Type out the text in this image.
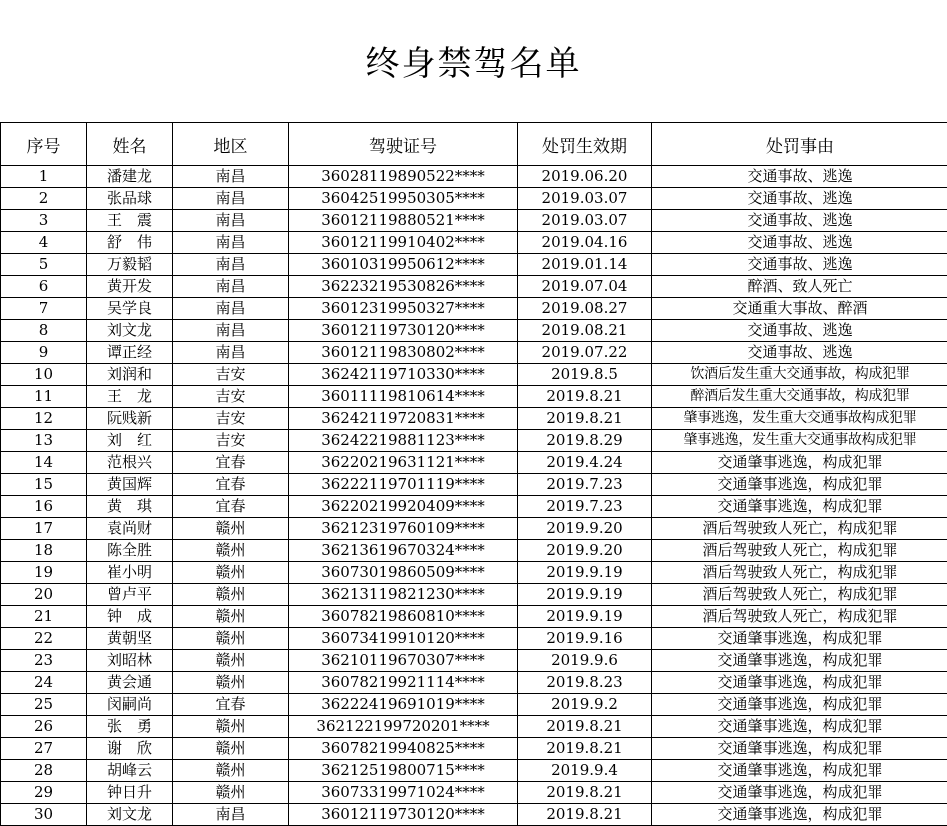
终身禁驾名单
序号	姓名	地区	驾驶证号	处罚生效期	处罚事由
1	潘建龙	南昌	36028119890522****	2019.06.20	交通事故、逃逸
2	张品球	南昌	36042519950305****	2019.03.07	交通事故、逃逸
3	王　震	南昌	36012119880521****	2019.03.07	交通事故、逃逸
4	舒　伟	南昌	36012119910402****	2019.04.16	交通事故、逃逸
5	万毅韬	南昌	36010319950612****	2019.01.14	交通事故、逃逸
6	黄开发	南昌	36223219530826****	2019.07.04	醉酒、致人死亡
7	吴学良	南昌	36012319950327****	2019.08.27	交通重大事故、醉酒
8	刘文龙	南昌	36012119730120****	2019.08.21	交通事故、逃逸
9	谭正经	南昌	36012119830802****	2019.07.22	交通事故、逃逸
10	刘润和	吉安	36242119710330****	2019.8.5	饮酒后发生重大交通事故，构成犯罪
11	王　龙	吉安	36011119810614****	2019.8.21	醉酒后发生重大交通事故，构成犯罪
12	阮贱新	吉安	36242119720831****	2019.8.21	肇事逃逸，发生重大交通事故构成犯罪
13	刘　红	吉安	36242219881123****	2019.8.29	肇事逃逸，发生重大交通事故构成犯罪
14	范根兴	宜春	36220219631121****	2019.4.24	交通肇事逃逸，构成犯罪
15	黄国辉	宜春	36222119701119****	2019.7.23	交通肇事逃逸，构成犯罪
16	黄　琪	宜春	36220219920409****	2019.7.23	交通肇事逃逸，构成犯罪
17	袁尚财	赣州	36212319760109****	2019.9.20	酒后驾驶致人死亡，构成犯罪
18	陈全胜	赣州	36213619670324****	2019.9.20	酒后驾驶致人死亡，构成犯罪
19	崔小明	赣州	36073019860509****	2019.9.19	酒后驾驶致人死亡，构成犯罪
20	曾卢平	赣州	36213119821230****	2019.9.19	酒后驾驶致人死亡，构成犯罪
21	钟　成	赣州	36078219860810****	2019.9.19	酒后驾驶致人死亡，构成犯罪
22	黄朝坚	赣州	36073419910120****	2019.9.16	交通肇事逃逸，构成犯罪
23	刘昭林	赣州	36210119670307****	2019.9.6	交通肇事逃逸，构成犯罪
24	黄会通	赣州	36078219921114****	2019.8.23	交通肇事逃逸，构成犯罪
25	闵嗣尚	宜春	36222419691019****	2019.9.2	交通肇事逃逸，构成犯罪
26	张　勇	赣州	362122199720201****	2019.8.21	交通肇事逃逸，构成犯罪
27	谢　欣	赣州	36078219940825****	2019.8.21	交通肇事逃逸，构成犯罪
28	胡峰云	赣州	36212519800715****	2019.9.4	交通肇事逃逸，构成犯罪
29	钟日升	赣州	36073319971024****	2019.8.21	交通肇事逃逸，构成犯罪
30	刘文龙	南昌	36012119730120****	2019.8.21	交通肇事逃逸，构成犯罪
